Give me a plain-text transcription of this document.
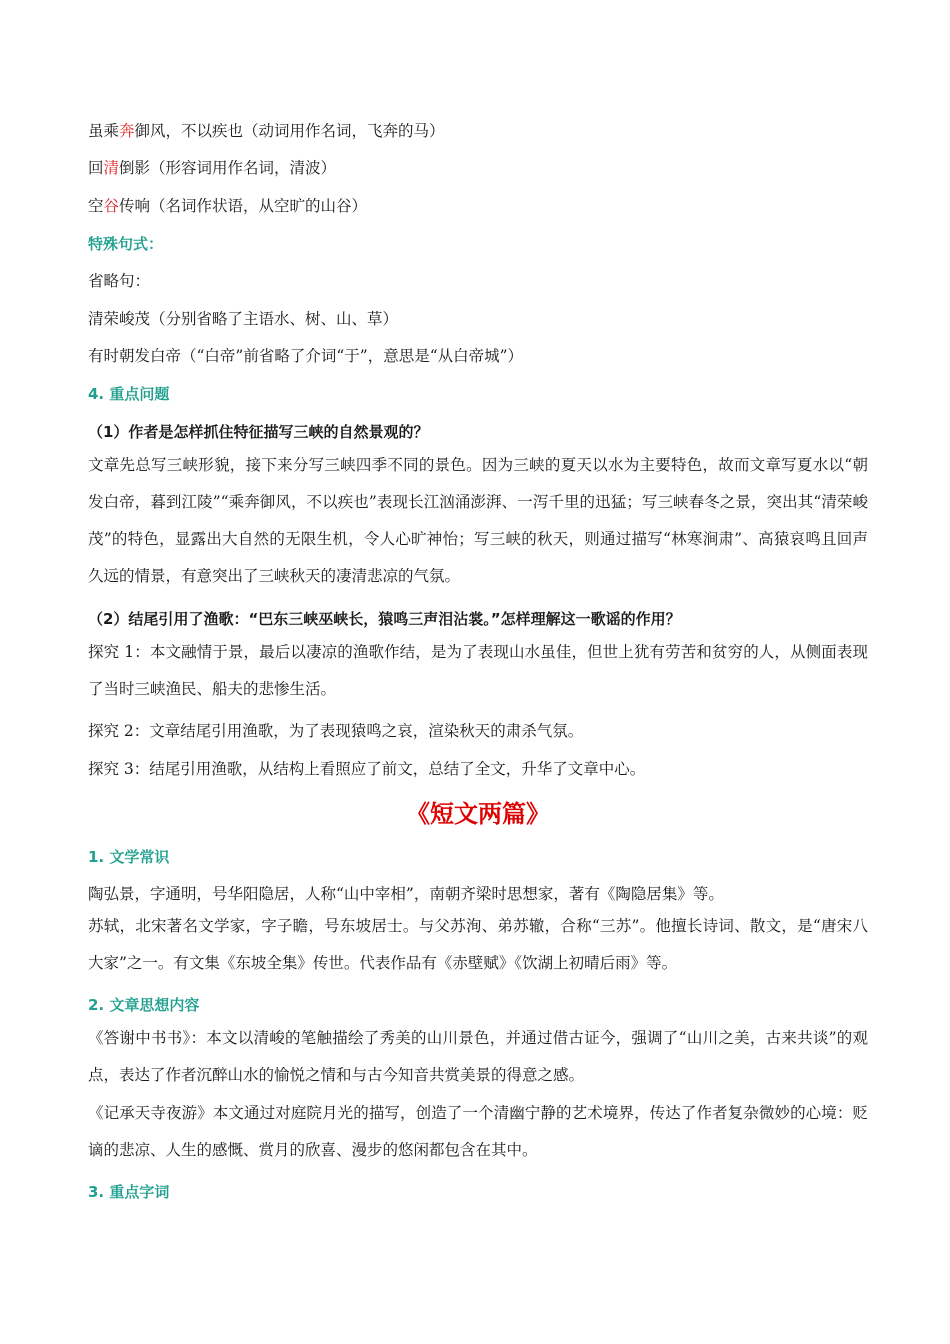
虽乘奔御风，不以疾也（动词用作名词，飞奔的马）
回清倒影（形容词用作名词，清波）
空谷传响（名词作状语，从空旷的山谷）
特殊句式：
省略句：
清荣峻茂（分别省略了主语水、树、山、草）
有时朝发白帝（“白帝”前省略了介词“于”，意思是“从白帝城”）
4. 重点问题
（1）作者是怎样抓住特征描写三峡的自然景观的？
文章先总写三峡形貌，接下来分写三峡四季不同的景色。因为三峡的夏天以水为主要特色，故而文章写夏水以“朝发白帝，暮到江陵”“乘奔御风，不以疾也”表现长江汹涌澎湃、一泻千里的迅猛；写三峡春冬之景，突出其“清荣峻茂”的特色，显露出大自然的无限生机，令人心旷神怡；写三峡的秋天，则通过描写“林寒涧肃”、高猿哀鸣且回声久远的情景，有意突出了三峡秋天的凄清悲凉的气氛。
（2）结尾引用了渔歌：“巴东三峡巫峡长，猿鸣三声泪沾裳。”怎样理解这一歌谣的作用？
探究 1：本文融情于景，最后以凄凉的渔歌作结，是为了表现山水虽佳，但世上犹有劳苦和贫穷的人，从侧面表现了当时三峡渔民、船夫的悲惨生活。
探究 2：文章结尾引用渔歌，为了表现猿鸣之哀，渲染秋天的肃杀气氛。
探究 3：结尾引用渔歌，从结构上看照应了前文，总结了全文，升华了文章中心。
《短文两篇》
1. 文学常识
陶弘景，字通明，号华阳隐居，人称“山中宰相”，南朝齐梁时思想家，著有《陶隐居集》等。
苏轼，北宋著名文学家，字子瞻，号东坡居士。与父苏洵、弟苏辙，合称“三苏”。他擅长诗词、散文，是“唐宋八大家”之一。有文集《东坡全集》传世。代表作品有《赤壁赋》《饮湖上初晴后雨》等。
2. 文章思想内容
《答谢中书书》：本文以清峻的笔触描绘了秀美的山川景色，并通过借古证今，强调了“山川之美，古来共谈”的观点，表达了作者沉醉山水的愉悦之情和与古今知音共赏美景的得意之感。
《记承天寺夜游》本文通过对庭院月光的描写，创造了一个清幽宁静的艺术境界，传达了作者复杂微妙的心境：贬谪的悲凉、人生的感慨、赏月的欣喜、漫步的悠闲都包含在其中。
3. 重点字词
